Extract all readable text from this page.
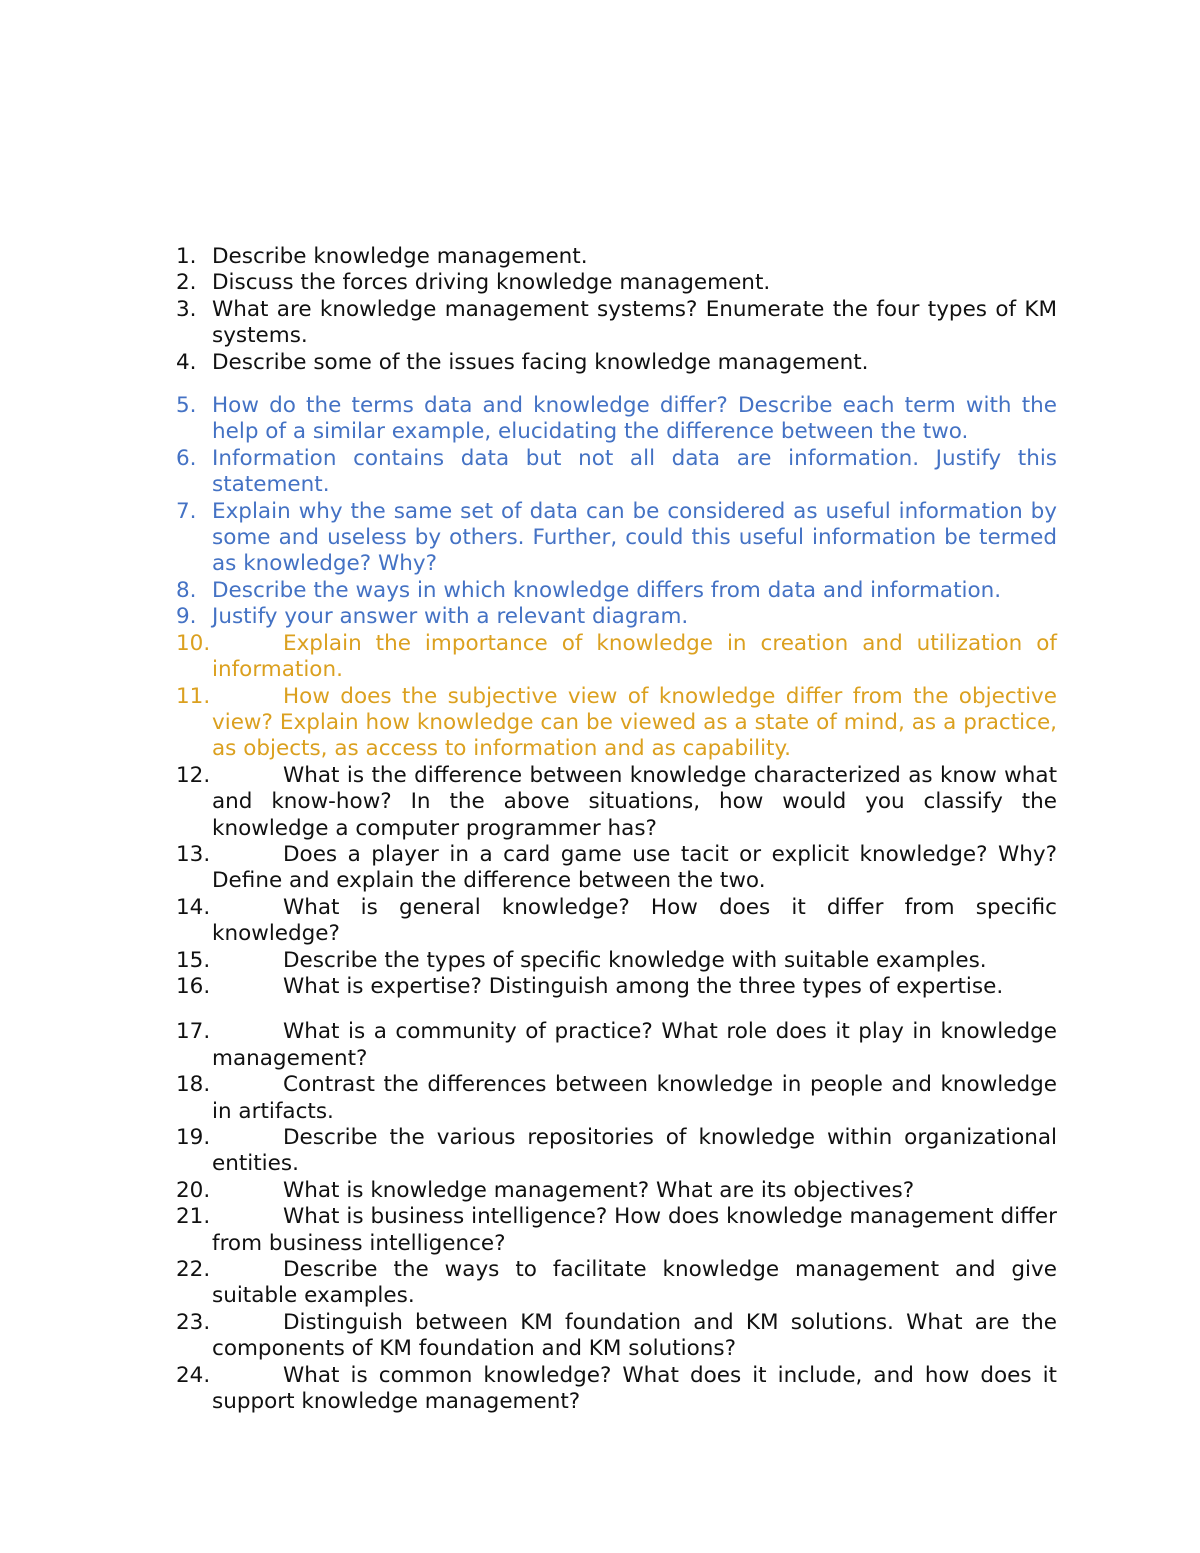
1. Describe knowledge management.
2. Discuss the forces driving knowledge management.
3. What are knowledge management systems? Enumerate the four types of KM systems.
4. Describe some of the issues facing knowledge management.
5. How do the terms data and knowledge differ? Describe each term with the help of a similar example, elucidating the difference between the two.
6. Information contains data but not all data are information. Justify this statement.
7. Explain why the same set of data can be considered as useful information by some and useless by others. Further, could this useful information be termed as knowledge? Why?
8. Describe the ways in which knowledge differs from data and information.
9. Justify your answer with a relevant diagram.
10.	Explain the importance of knowledge in creation and utilization of information.
11.	How does the subjective view of knowledge differ from the objective view? Explain how knowledge can be viewed as a state of mind, as a practice, as objects, as access to information and as capability.
12.	What is the difference between knowledge characterized as know what and know-how? In the above situations, how would you classify the knowledge a computer programmer has?
13.	Does a player in a card game use tacit or explicit knowledge? Why? Define and explain the difference between the two.
14.	What is general knowledge? How does it differ from specific knowledge?
15.	Describe the types of specific knowledge with suitable examples.
16.	What is expertise? Distinguish among the three types of expertise.
17.	What is a community of practice? What role does it play in knowledge management?
18.	Contrast the differences between knowledge in people and knowledge in artifacts.
19.	Describe the various repositories of knowledge within organizational entities.
20.	What is knowledge management? What are its objectives?
21.	What is business intelligence? How does knowledge management differ from business intelligence?
22.	Describe the ways to facilitate knowledge management and give suitable examples.
23.	Distinguish between KM foundation and KM solutions. What are the components of KM foundation and KM solutions?
24.	What is common knowledge? What does it include, and how does it support knowledge management?
